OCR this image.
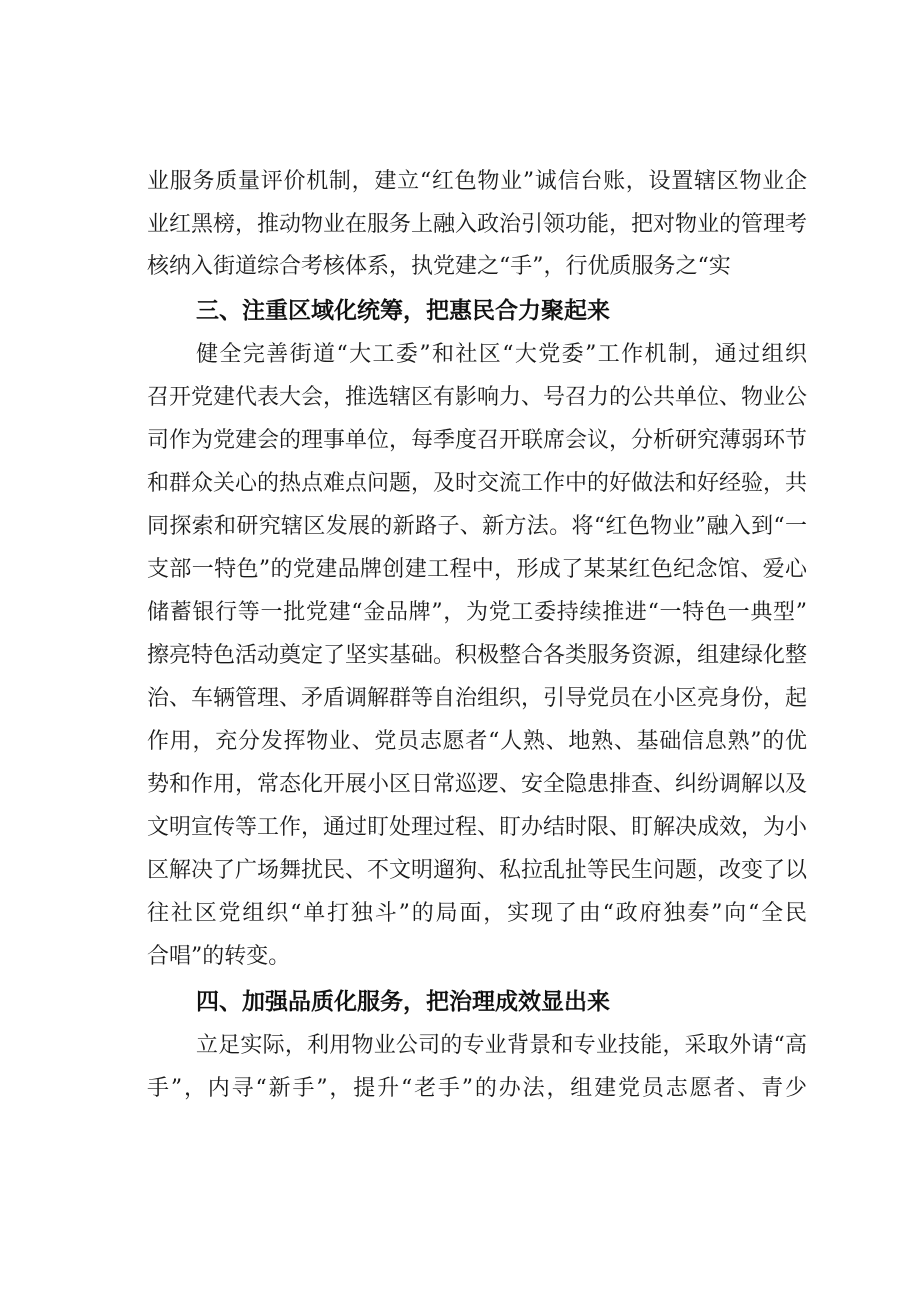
业服务质量评价机制，建立“红色物业”诚信台账，设置辖区物业企
业红黑榜，推动物业在服务上融入政治引领功能，把对物业的管理考
核纳入街道综合考核体系，执党建之“手”，行优质服务之“实
三、注重区域化统筹，把惠民合力聚起来
健全完善街道“大工委”和社区“大党委”工作机制，通过组织
召开党建代表大会，推选辖区有影响力、号召力的公共单位、物业公
司作为党建会的理事单位，每季度召开联席会议，分析研究薄弱环节
和群众关心的热点难点问题，及时交流工作中的好做法和好经验，共
同探索和研究辖区发展的新路子、新方法。将“红色物业”融入到“一
支部一特色”的党建品牌创建工程中，形成了某某红色纪念馆、爱心
储蓄银行等一批党建“金品牌”，为党工委持续推进“一特色一典型”
擦亮特色活动奠定了坚实基础。积极整合各类服务资源，组建绿化整
治、车辆管理、矛盾调解群等自治组织，引导党员在小区亮身份，起
作用，充分发挥物业、党员志愿者“人熟、地熟、基础信息熟”的优
势和作用，常态化开展小区日常巡逻、安全隐患排查、纠纷调解以及
文明宣传等工作，通过盯处理过程、盯办结时限、盯解决成效，为小
区解决了广场舞扰民、不文明遛狗、私拉乱扯等民生问题，改变了以
往社区党组织“单打独斗”的局面，实现了由“政府独奏”向“全民
合唱”的转变。
四、加强品质化服务，把治理成效显出来
立足实际，利用物业公司的专业背景和专业技能，采取外请“高
手”，内寻“新手”，提升“老手”的办法，组建党员志愿者、青少
